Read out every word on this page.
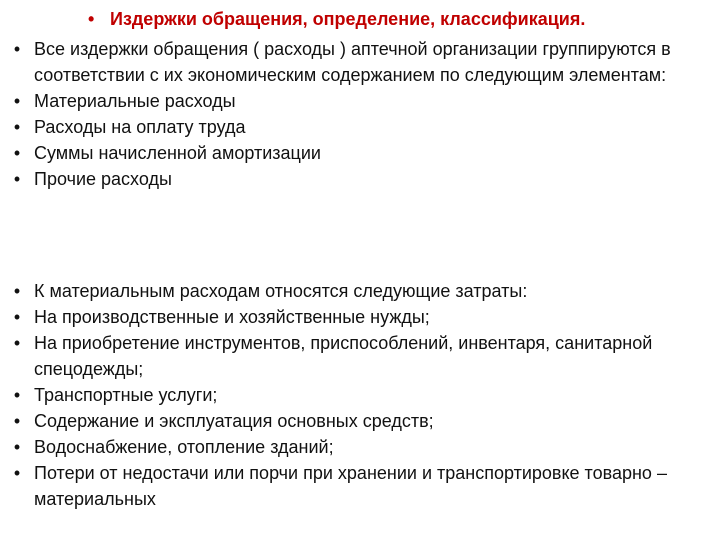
• Издержки обращения, определение, классификация.
• Все издержки обращения ( расходы ) аптечной организации группируются в соответствии с их экономическим содержанием по следующим элементам:
• Материальные расходы
• Расходы на оплату труда
• Суммы начисленной амортизации
• Прочие расходы
• К материальным расходам относятся следующие затраты:
• На производственные и хозяйственные нужды;
• На приобретение инструментов, приспособлений, инвентаря, санитарной спецодежды;
• Транспортные услуги;
• Содержание и эксплуатация основных средств;
• Водоснабжение, отопление зданий;
• Потери от недостачи или порчи при хранении и транспортировке товарно – материальных
